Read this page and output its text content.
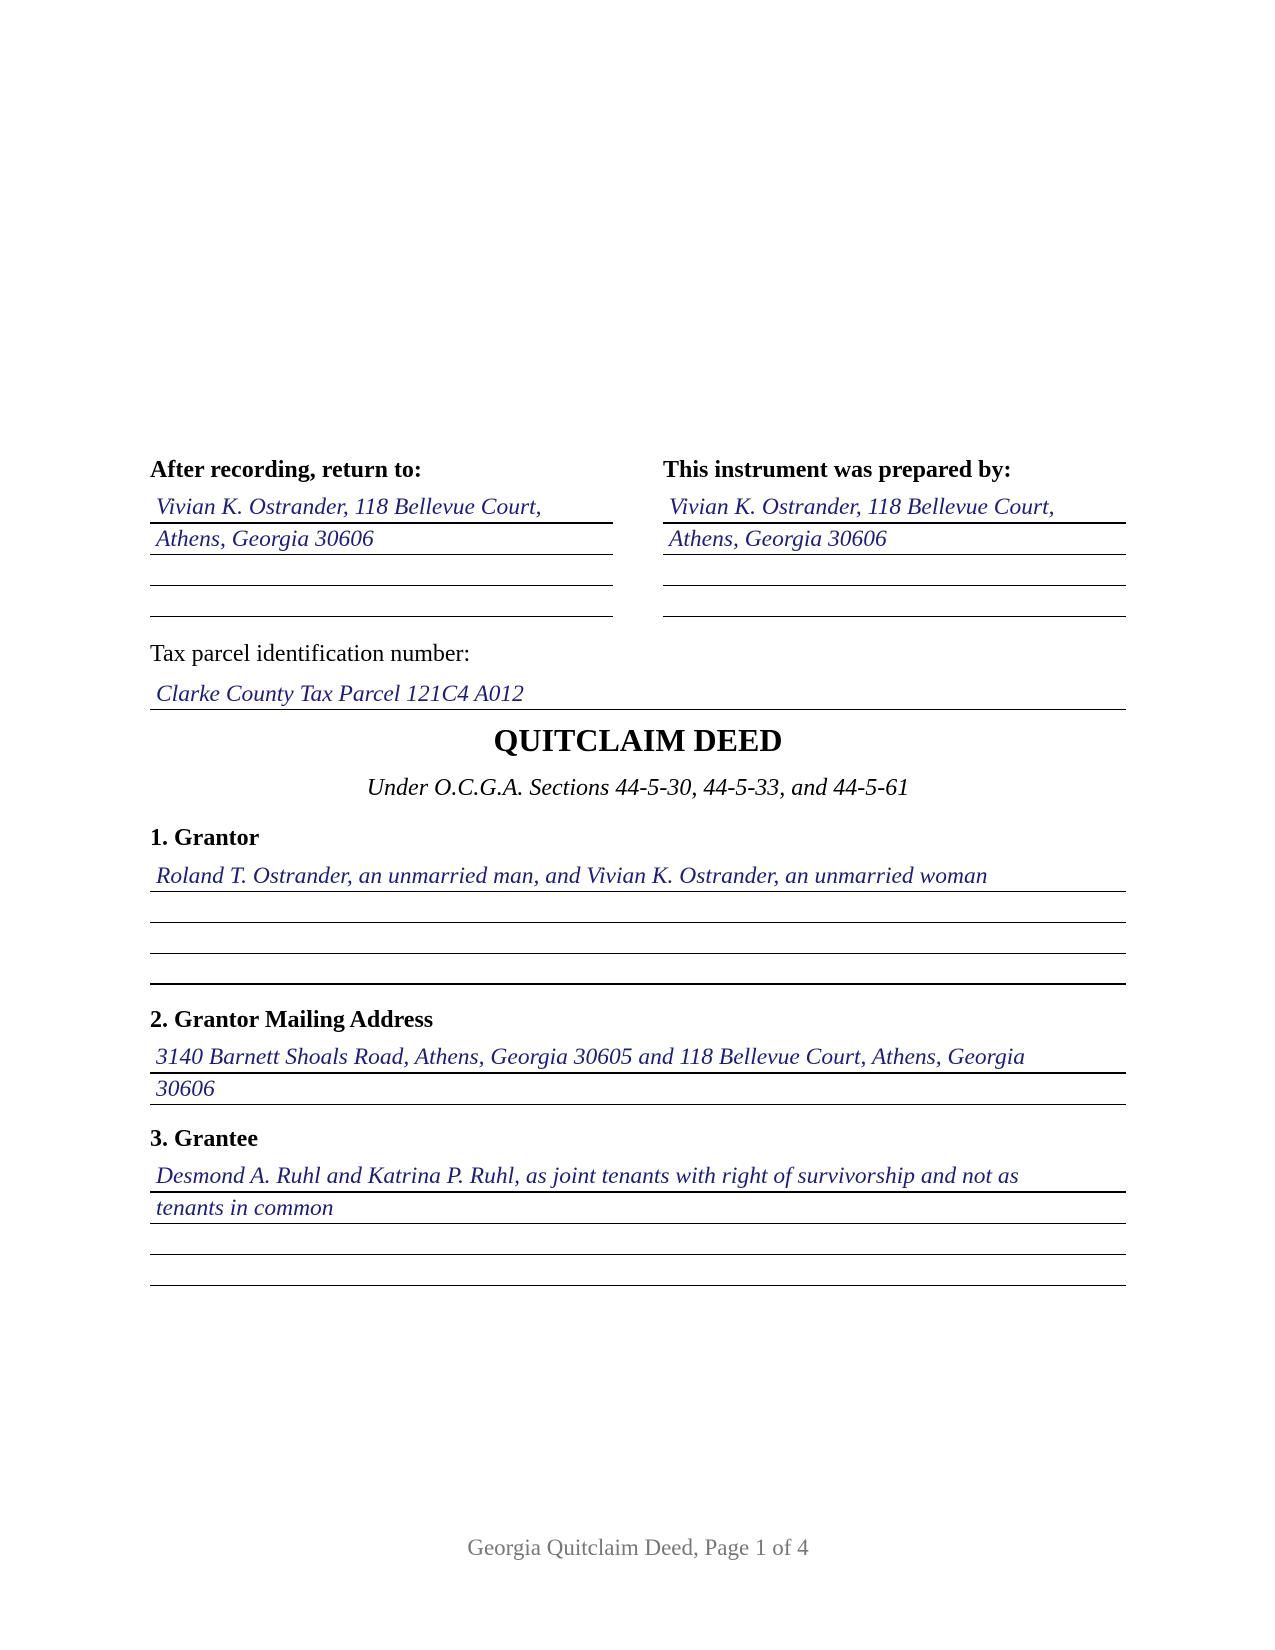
After recording, return to:
Vivian K. Ostrander, 118 Bellevue Court,
Athens, Georgia 30606
This instrument was prepared by:
Vivian K. Ostrander, 118 Bellevue Court,
Athens, Georgia 30606
Tax parcel identification number:
Clarke County Tax Parcel 121C4 A012
QUITCLAIM DEED
Under O.C.G.A. Sections 44-5-30, 44-5-33, and 44-5-61
1. Grantor
Roland T. Ostrander, an unmarried man, and Vivian K. Ostrander, an unmarried woman
2. Grantor Mailing Address
3140 Barnett Shoals Road, Athens, Georgia 30605 and 118 Bellevue Court, Athens, Georgia
30606
3. Grantee
Desmond A. Ruhl and Katrina P. Ruhl, as joint tenants with right of survivorship and not as
tenants in common
Georgia Quitclaim Deed, Page 1 of 4
